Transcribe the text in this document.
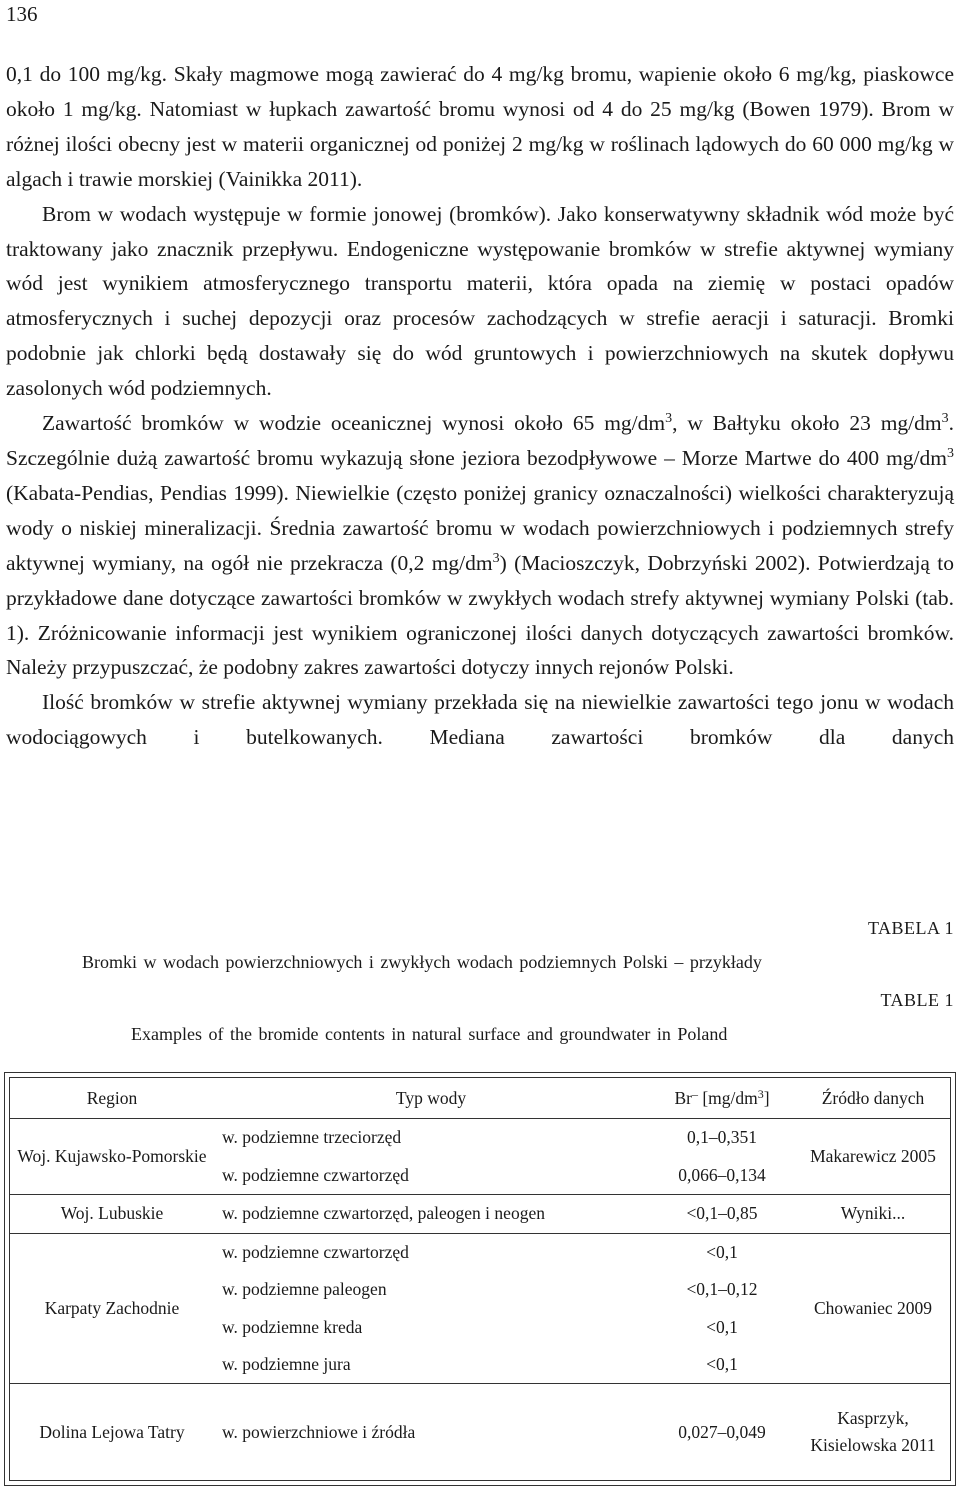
136

0,1 do 100 mg/kg. Skały magmowe mogą zawierać do 4 mg/kg bromu, wapienie około 6 mg/kg, piaskowce około 1 mg/kg. Natomiast w łupkach zawartość bromu wynosi od 4 do 25 mg/kg (Bowen 1979). Brom w różnej ilości obecny jest w materii organicznej od poniżej 2 mg/kg w roślinach lądowych do 60 000 mg/kg w algach i trawie morskiej (Vainikka 2011).

Brom w wodach występuje w formie jonowej (bromków). Jako konserwatywny składnik wód może być traktowany jako znacznik przepływu. Endogeniczne występowanie bromków w strefie aktywnej wymiany wód jest wynikiem atmosferycznego transportu materii, która opada na ziemię w postaci opadów atmosferycznych i suchej depozycji oraz procesów zachodzących w strefie aeracji i saturacji. Bromki podobnie jak chlorki będą dostawały się do wód gruntowych i powierzchniowych na skutek dopływu zasolonych wód podziemnych.

Zawartość bromków w wodzie oceanicznej wynosi około 65 $mg/dm^3$, w Bałtyku około 23 $mg/dm^3$. Szczególnie dużą zawartość bromu wykazują słone jeziora bezodpływowe – Morze Martwe do 400 $mg/dm^3$ (Kabata-Pendias, Pendias 1999). Niewielkie (często poniżej granicy oznaczalności) wielkości charakteryzują wody o niskiej mineralizacji. Średnia zawartość bromu w wodach powierzchniowych i podziemnych strefy aktywnej wymiany, na ogół nie przekracza (0,2 $mg/dm^3$) (Macioszczyk, Dobrzyński 2002). Potwierdzają to przykładowe dane dotyczące zawartości bromków w zwykłych wodach strefy aktywnej wymiany Polski (tab. 1). Zróżnicowanie informacji jest wynikiem ograniczonej ilości danych dotyczących zawartości bromków. Należy przypuszczać, że podobny zakres zawartości dotyczy innych rejonów Polski.

Ilość bromków w strefie aktywnej wymiany przekłada się na niewielkie zawartości tego jonu w wodach wodociągowych i butelkowanych. Mediana zawartości bromków dla danych

TABELA 1
Bromki w wodach powierzchniowych i zwykłych wodach podziemnych Polski – przykłady
TABLE 1
Examples of the bromide contents in natural surface and groundwater in Poland
Region	Typ wody	Br– $[mg/dm^3]$	Źródło danych
Woj. Kujawsko-Pomorskie	w. podziemne trzeciorzęd	0,1–0,351	Makarewicz 2005
	w. podziemne czwartorzęd	0,066–0,134	
Woj. Lubuskie	w. podziemne czwartorzęd, paleogen i neogen	<0,1–0,85	Wyniki...
Karpaty Zachodnie	w. podziemne czwartorzęd	<0,1	Chowaniec 2009
	w. podziemne paleogen	<0,1–0,12	
	w. podziemne kreda	<0,1	
	w. podziemne jura	<0,1	
Dolina Lejowa Tatry	w. powierzchniowe i źródła	0,027–0,049	Kasprzyk, Kisielowska 2011
